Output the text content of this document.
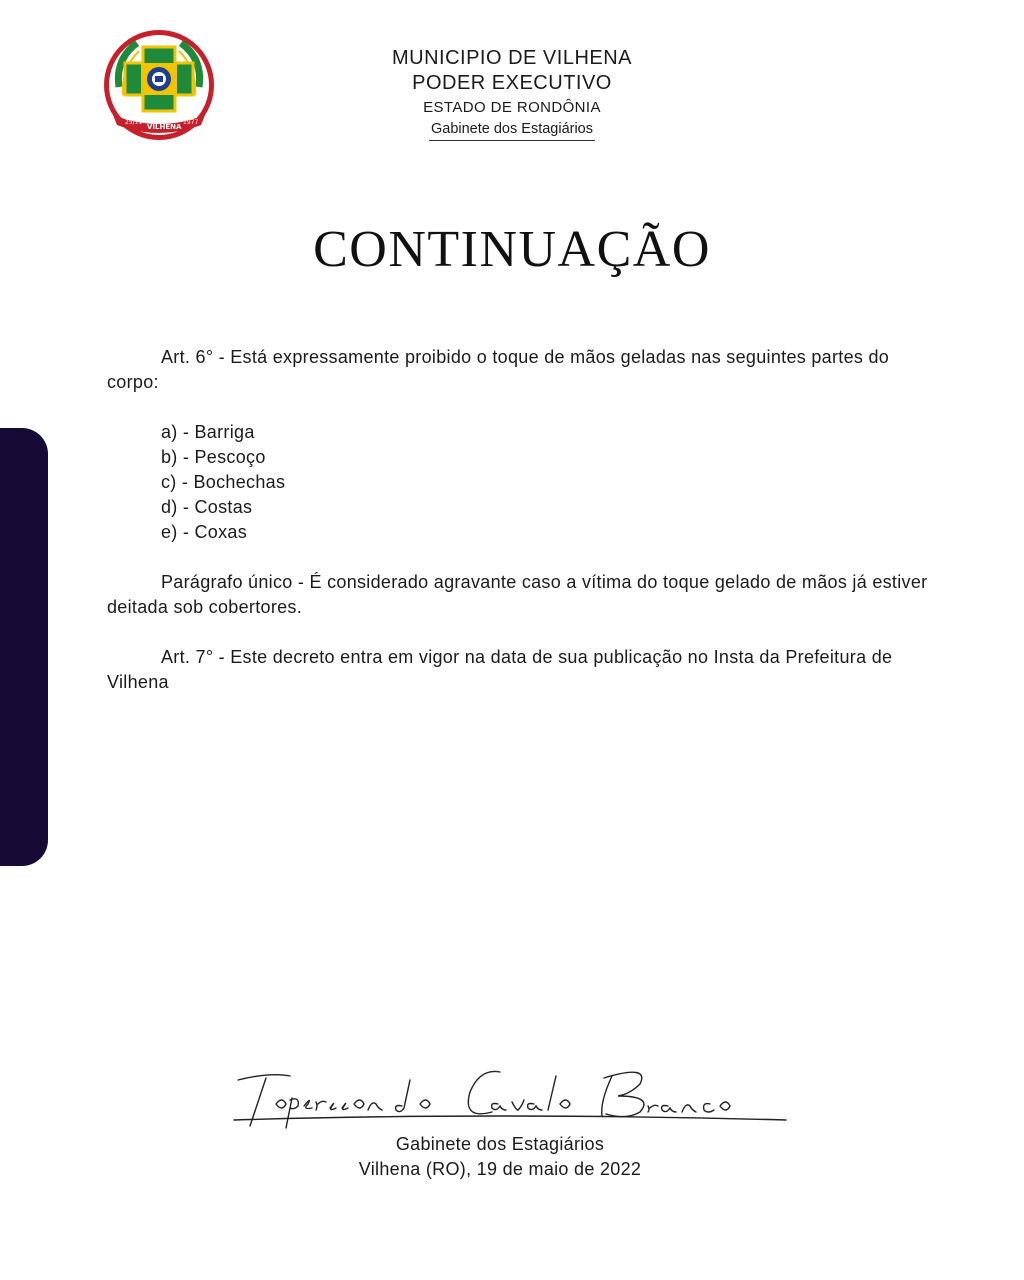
25/11
VILHENA
1977
MUNICIPIO DE VILHENA
PODER EXECUTIVO
ESTADO DE RONDÔNIA
Gabinete dos Estagiários
CONTINUAÇÃO

Art. 6° - Está expressamente proibido o toque de mãos geladas nas seguintes partes do corpo:

a) - Barriga
b) - Pescoço
c) - Bochechas
d) - Costas
e) - Coxas

Parágrafo único - É considerado agravante caso a vítima do toque gelado de mãos já estiver deitada sob cobertores.

Art. 7° - Este decreto entra em vigor na data de sua publicação no Insta da Prefeitura de Vilhena

Topersson do Cavalo Branco
Gabinete dos Estagiários
Vilhena (RO), 19 de maio de 2022
